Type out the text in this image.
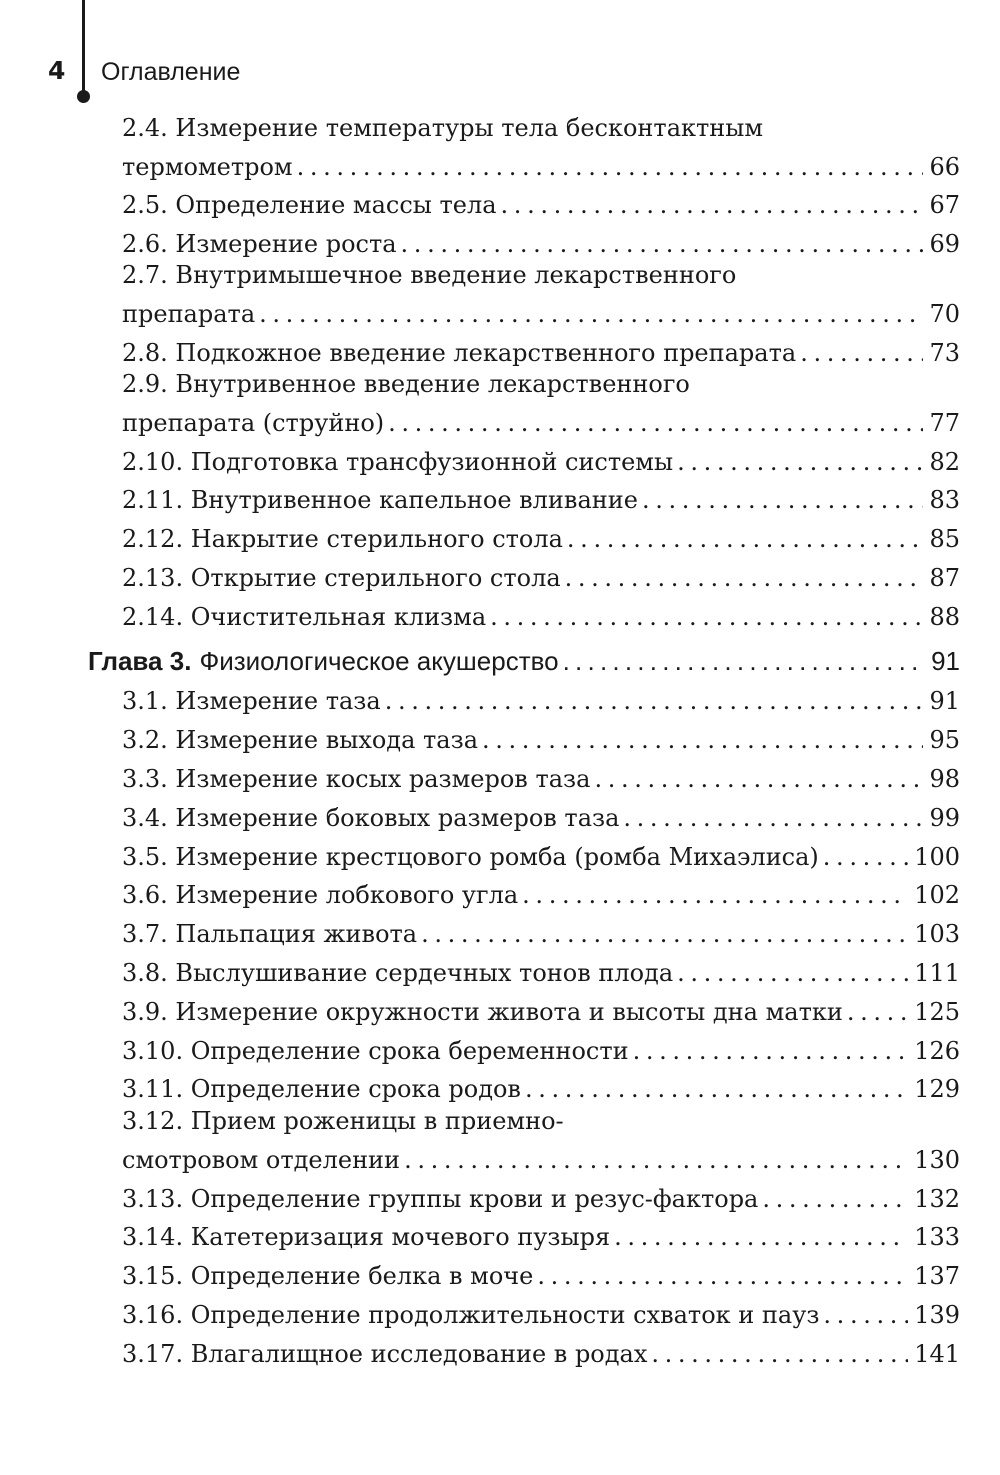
4 Оглавление
2.4. Измерение температуры тела бесконтактным
термометром . . .	66
2.5. Определение массы тела . . .	67
2.6. Измерение роста . . .	69
2.7. Внутримышечное введение лекарственного
препарата . . .	70
2.8. Подкожное введение лекарственного препарата . . .	73
2.9. Внутривенное введение лекарственного
препарата (струйно) . . .	77
2.10. Подготовка трансфузионной системы . . .	82
2.11. Внутривенное капельное вливание . . .	83
2.12. Накрытие стерильного стола . . .	85
2.13. Открытие стерильного стола . . .	87
2.14. Очистительная клизма . . .	88
Глава 3. Физиологическое акушерство . . .	91
3.1. Измерение таза . . .	91
3.2. Измерение выхода таза . . .	95
3.3. Измерение косых размеров таза . . .	98
3.4. Измерение боковых размеров таза . . .	99
3.5. Измерение крестцового ромба (ромба Михаэлиса) . . .	100
3.6. Измерение лобкового угла . . .	102
3.7. Пальпация живота . . .	103
3.8. Выслушивание сердечных тонов плода . . .	111
3.9. Измерение окружности живота и высоты дна матки . . .	125
3.10. Определение срока беременности . . .	126
3.11. Определение срока родов . . .	129
3.12. Прием роженицы в приемно-
смотровом отделении . . .	130
3.13. Определение группы крови и резус-фактора . . .	132
3.14. Катетеризация мочевого пузыря . . .	133
3.15. Определение белка в моче . . .	137
3.16. Определение продолжительности схваток и пауз . . .	139
3.17. Влагалищное исследование в родах . . .	141
